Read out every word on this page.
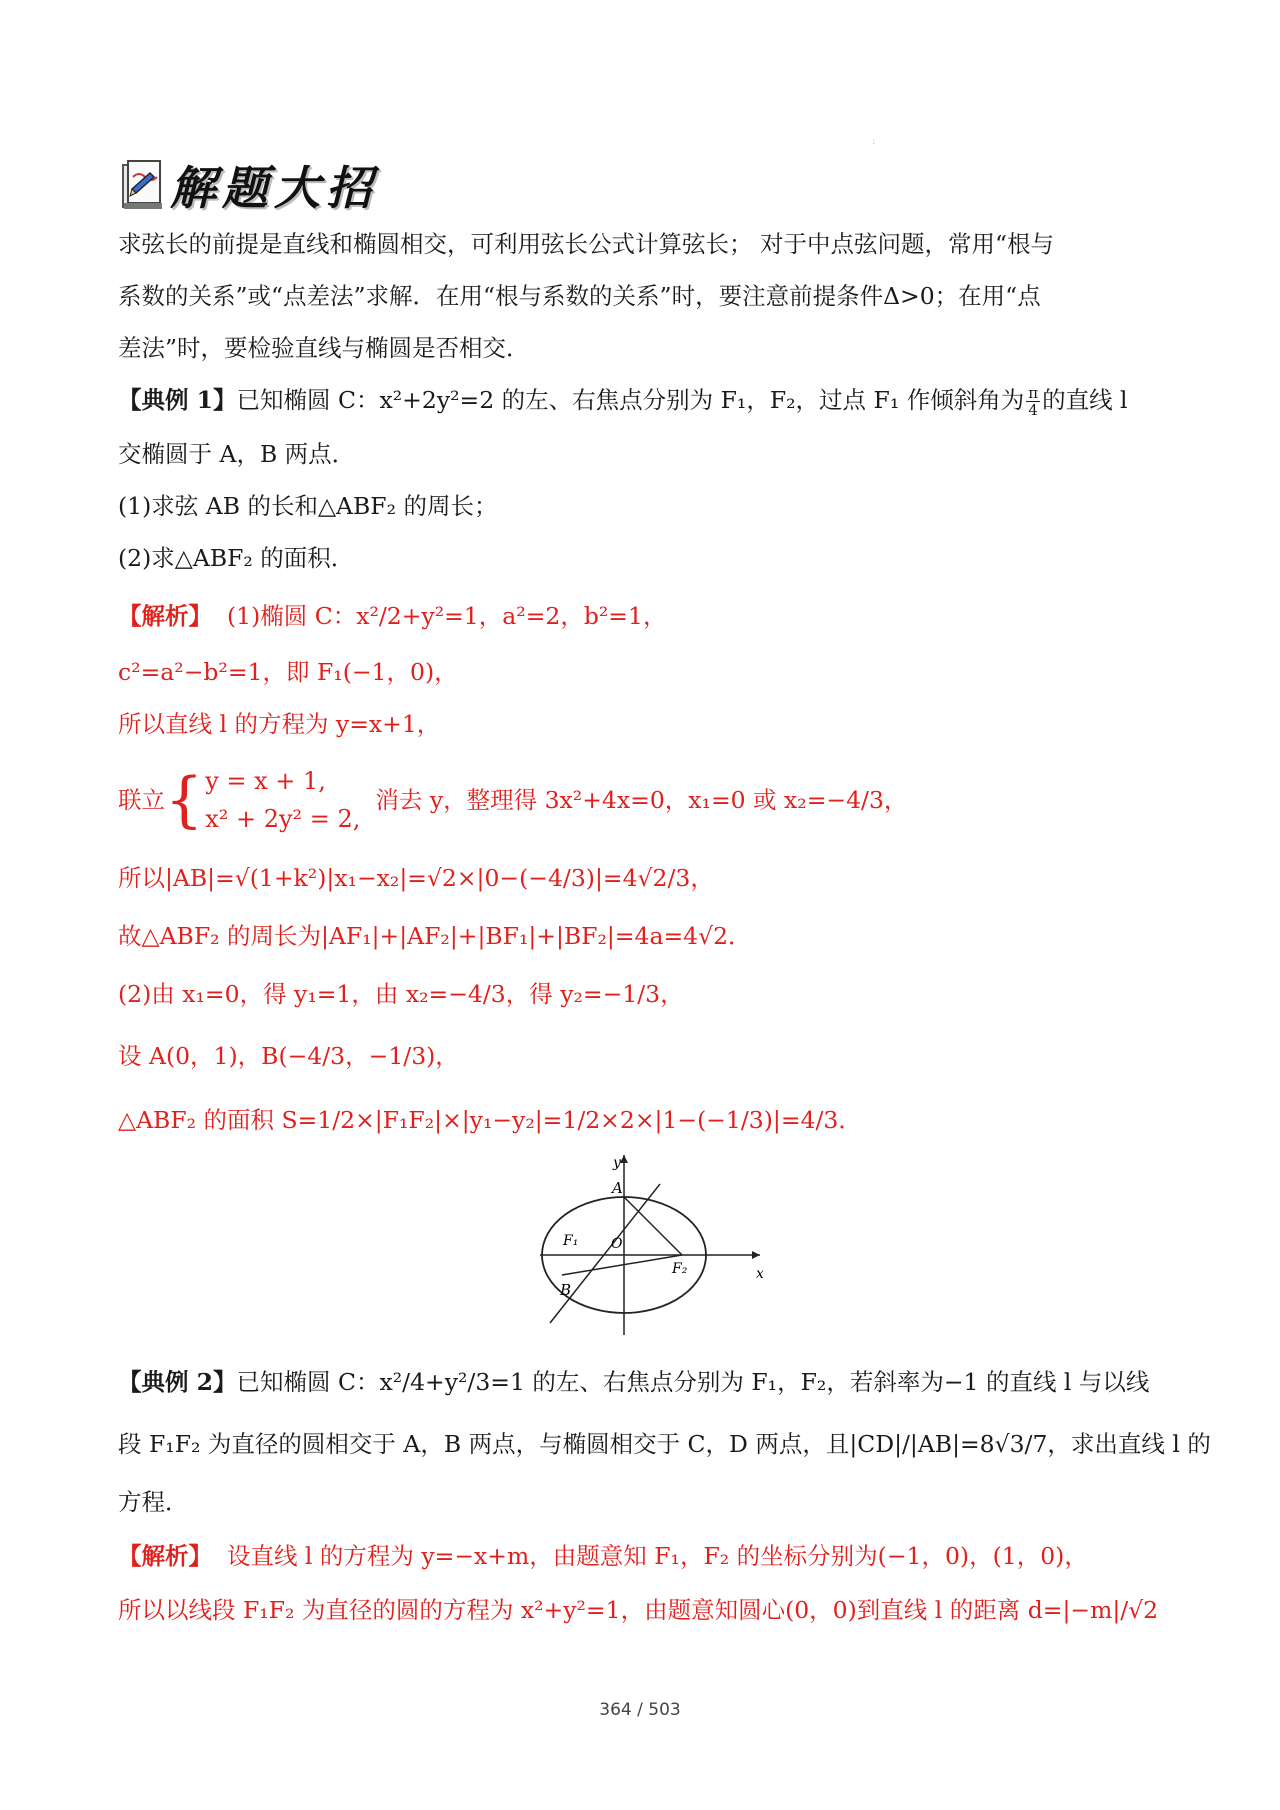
：
解题大招
求弦长的前提是直线和椭圆相交，可利用弦长公式计算弦长； 对于中点弦问题，常用“根与
系数的关系”或“点差法”求解．在用“根与系数的关系”时，要注意前提条件Δ>0；在用“点
差法”时，要检验直线与椭圆是否相交．
【典例 1】已知椭圆 C：x²+2y²=2 的左、右焦点分别为 F₁，F₂，过点 F₁ 作倾斜角为 $\frac{\pi}{4}$ 的直线 l
交椭圆于 A，B 两点．
(1)求弦 AB 的长和△ABF₂ 的周长；
(2)求△ABF₂ 的面积．
【解析】 (1)椭圆 C：x²/2+y²=1，a²=2，b²=1，
c²=a²−b²=1，即 F₁(−1，0)，
所以直线 l 的方程为 y=x+1，
联立{ y = x + 1,
x² + 2y² = 2,
消去 y，整理得 3x²+4x=0，x₁=0 或 x₂=−4/3，
所以|AB|=√(1+k²)|x₁−x₂|=√2×|0−(−4/3)|=4√2/3，
故△ABF₂ 的周长为|AF₁|+|AF₂|+|BF₁|+|BF₂|=4a=4√2．
(2)由 x₁=0，得 y₁=1，由 x₂=−4/3，得 y₂=−1/3，
设 A(0，1)，B(−4/3，−1/3)，
△ABF₂ 的面积 S=1/2×|F₁F₂|×|y₁−y₂|=1/2×2×|1−(−1/3)|=4/3．
y
x
A
B
O
F₁
F₂
【典例 2】已知椭圆 C：x²/4+y²/3=1 的左、右焦点分别为 F₁，F₂，若斜率为−1 的直线 l 与以线
段 F₁F₂ 为直径的圆相交于 A，B 两点，与椭圆相交于 C，D 两点，且|CD|/|AB|=8√3/7，求出直线 l 的
方程．
【解析】 设直线 l 的方程为 y=−x+m，由题意知 F₁，F₂ 的坐标分别为(−1，0)，(1，0)，
所以以线段 F₁F₂ 为直径的圆的方程为 x²+y²=1，由题意知圆心(0，0)到直线 l 的距离 d=|−m|/√2
364 / 503
